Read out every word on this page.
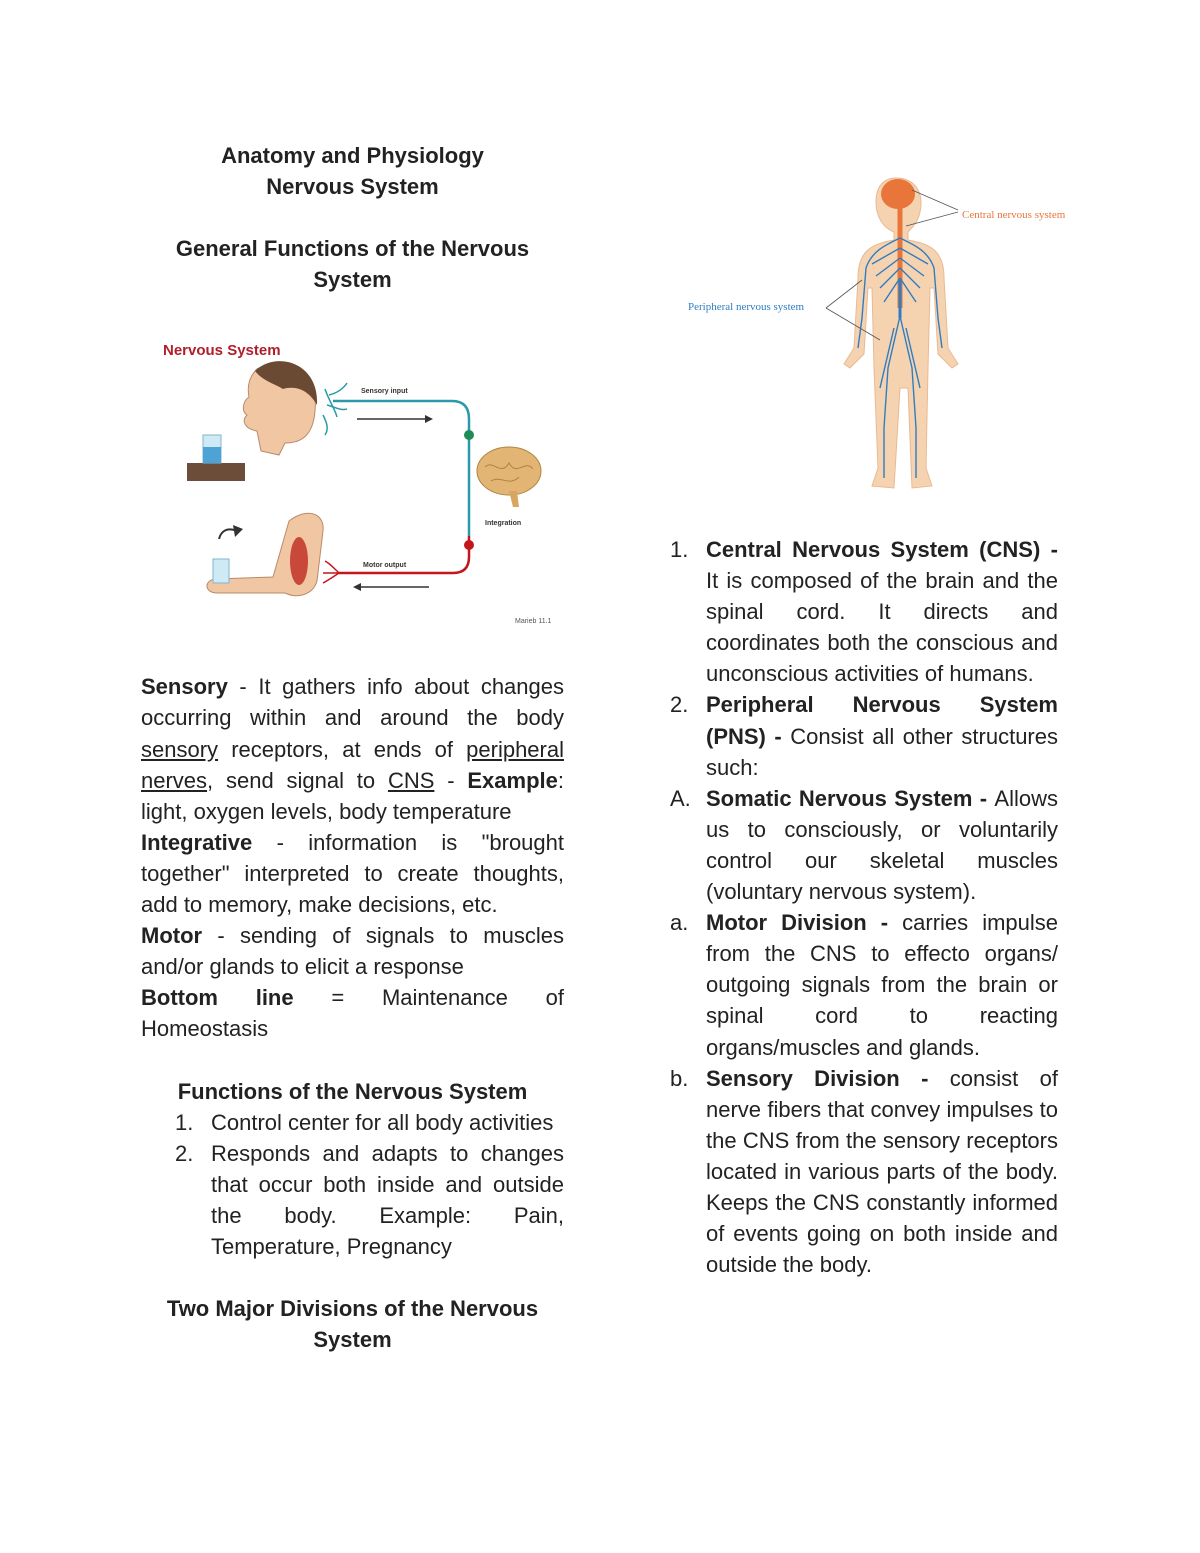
Anatomy and Physiology
Nervous System
General Functions of the Nervous System
Nervous System
Sensory input
Integration
Motor output
Marieb 11.1
Sensory - It gathers info about changes occurring within and around the body sensory receptors, at ends of peripheral nerves, send signal to CNS - Example: light, oxygen levels, body temperature
Integrative - information is "brought together" interpreted to create thoughts, add to memory, make decisions, etc.
Motor - sending of signals to muscles and/or glands to elicit a response
Bottom line = Maintenance of Homeostasis
Functions of the Nervous System
1. Control center for all body activities
2. Responds and adapts to changes that occur both inside and outside the body. Example: Pain, Temperature, Pregnancy
Two Major Divisions of the Nervous System
Central nervous system
Peripheral nervous system
1. Central Nervous System (CNS) - It is composed of the brain and the spinal cord. It directs and coordinates both the conscious and unconscious activities of humans.
2. Peripheral Nervous System (PNS) - Consist all other structures such:
A. Somatic Nervous System - Allows us to consciously, or voluntarily control our skeletal muscles (voluntary nervous system).
a. Motor Division - carries impulse from the CNS to effecto organs/ outgoing signals from the brain or spinal cord to reacting organs/muscles and glands.
b. Sensory Division - consist of nerve fibers that convey impulses to the CNS from the sensory receptors located in various parts of the body. Keeps the CNS constantly informed of events going on both inside and outside the body.
